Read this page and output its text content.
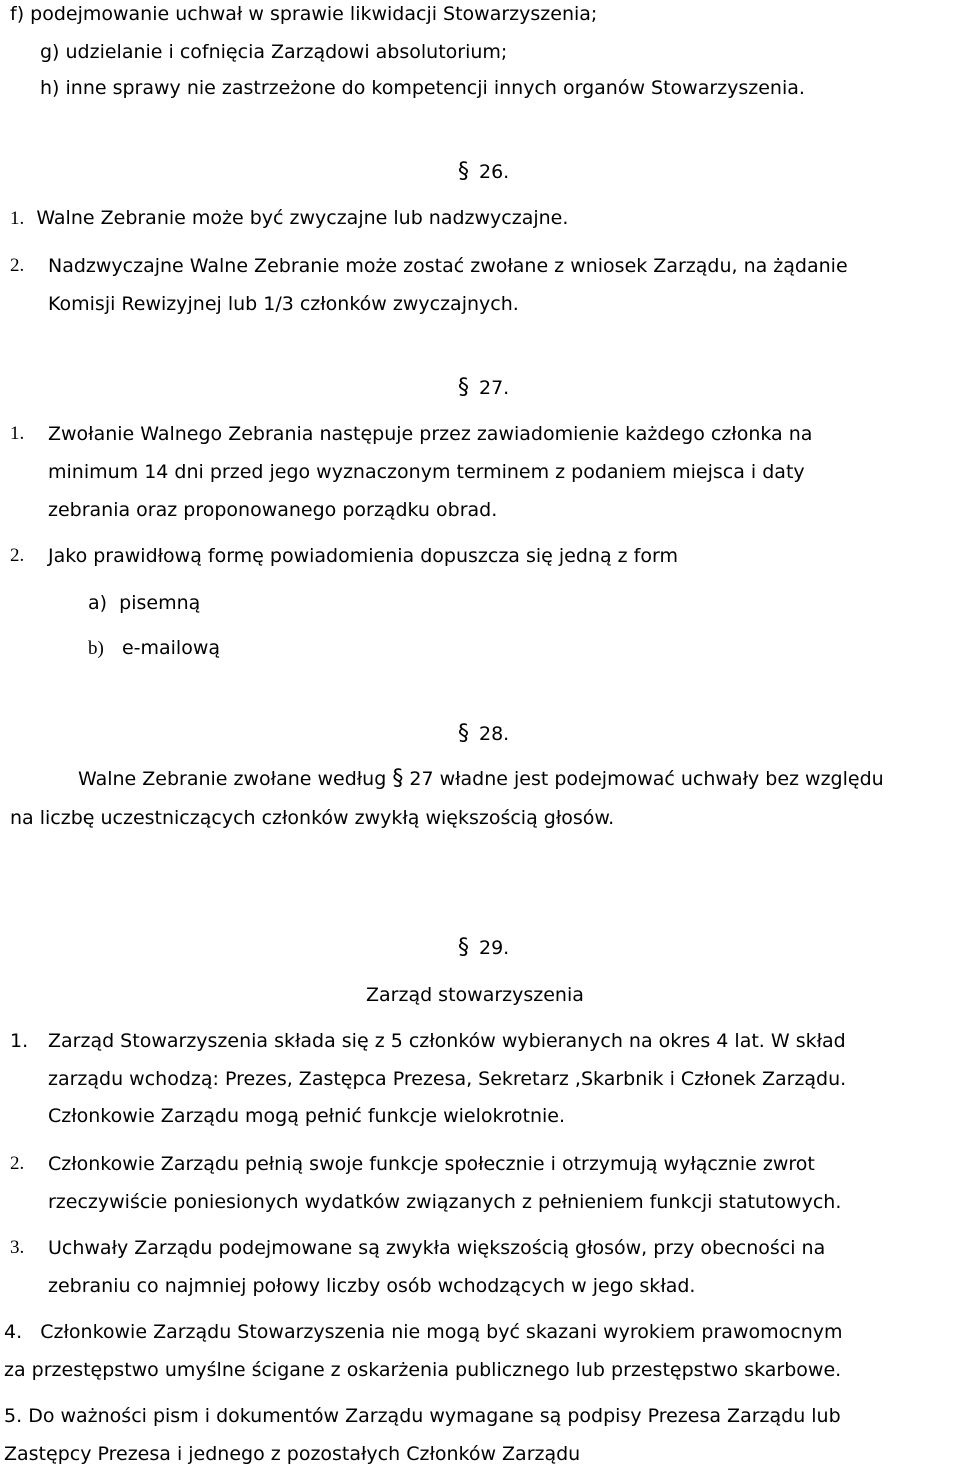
f) podejmowanie uchwał w sprawie likwidacji Stowarzyszenia;
g) udzielanie i cofnięcia Zarządowi absolutorium;
h) inne sprawy nie zastrzeżone do kompetencji innych organów Stowarzyszenia.
§ 26.
1. Walne Zebranie może być zwyczajne lub nadzwyczajne.
2. Nadzwyczajne Walne Zebranie może zostać zwołane z wniosek Zarządu, na żądanie
Komisji Rewizyjnej lub 1/3 członków zwyczajnych.
§ 27.
1. Zwołanie Walnego Zebrania następuje przez zawiadomienie każdego członka na
minimum 14 dni przed jego wyznaczonym terminem z podaniem miejsca i daty
zebrania oraz proponowanego porządku obrad.
2. Jako prawidłową formę powiadomienia dopuszcza się jedną z form
a) pisemną
b) e-mailową
§ 28.
Walne Zebranie zwołane według § 27 władne jest podejmować uchwały bez względu
na liczbę uczestniczących członków zwykłą większością głosów.
§ 29.
Zarząd stowarzyszenia
1. Zarząd Stowarzyszenia składa się z 5 członków wybieranych na okres 4 lat. W skład
zarządu wchodzą: Prezes, Zastępca Prezesa, Sekretarz ,Skarbnik i Członek Zarządu.
Członkowie Zarządu mogą pełnić funkcje wielokrotnie.
2. Członkowie Zarządu pełnią swoje funkcje społecznie i otrzymują wyłącznie zwrot
rzeczywiście poniesionych wydatków związanych z pełnieniem funkcji statutowych.
3. Uchwały Zarządu podejmowane są zwykła większością głosów, przy obecności na
zebraniu co najmniej połowy liczby osób wchodzących w jego skład.
4. Członkowie Zarządu Stowarzyszenia nie mogą być skazani wyrokiem prawomocnym
za przestępstwo umyślne ścigane z oskarżenia publicznego lub przestępstwo skarbowe.
5. Do ważności pism i dokumentów Zarządu wymagane są podpisy Prezesa Zarządu lub
Zastępcy Prezesa i jednego z pozostałych Członków Zarządu
